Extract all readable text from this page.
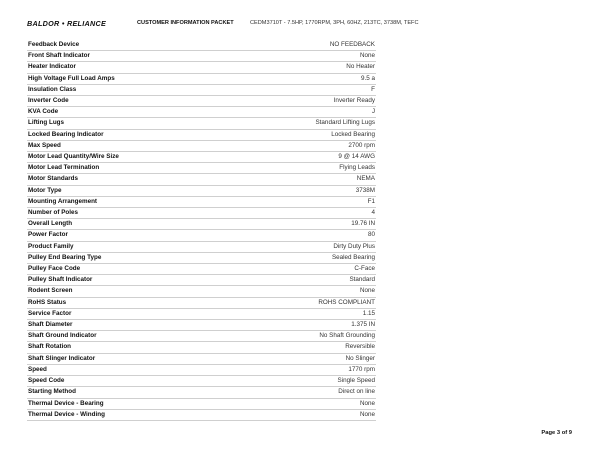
BALDOR • RELIANCE	CUSTOMER INFORMATION PACKET	CEDM3710T - 7.5HP, 1770RPM, 3PH, 60HZ, 213TC, 3738M, TEFC
Feedback Device	NO FEEDBACK
Front Shaft Indicator	None
Heater Indicator	No Heater
High Voltage Full Load Amps	9.5 a
Insulation Class	F
Inverter Code	Inverter Ready
KVA Code	J
Lifting Lugs	Standard Lifting Lugs
Locked Bearing Indicator	Locked Bearing
Max Speed	2700 rpm
Motor Lead Quantity/Wire Size	9 @ 14 AWG
Motor Lead Termination	Flying Leads
Motor Standards	NEMA
Motor Type	3738M
Mounting Arrangement	F1
Number of Poles	4
Overall Length	19.76 IN
Power Factor	80
Product Family	Dirty Duty Plus
Pulley End Bearing Type	Sealed Bearing
Pulley Face Code	C-Face
Pulley Shaft Indicator	Standard
Rodent Screen	None
RoHS Status	ROHS COMPLIANT
Service Factor	1.15
Shaft Diameter	1.375 IN
Shaft Ground Indicator	No Shaft Grounding
Shaft Rotation	Reversible
Shaft Slinger Indicator	No Slinger
Speed	1770 rpm
Speed Code	Single Speed
Starting Method	Direct on line
Thermal Device - Bearing	None
Thermal Device - Winding	None
Page 3 of 9
